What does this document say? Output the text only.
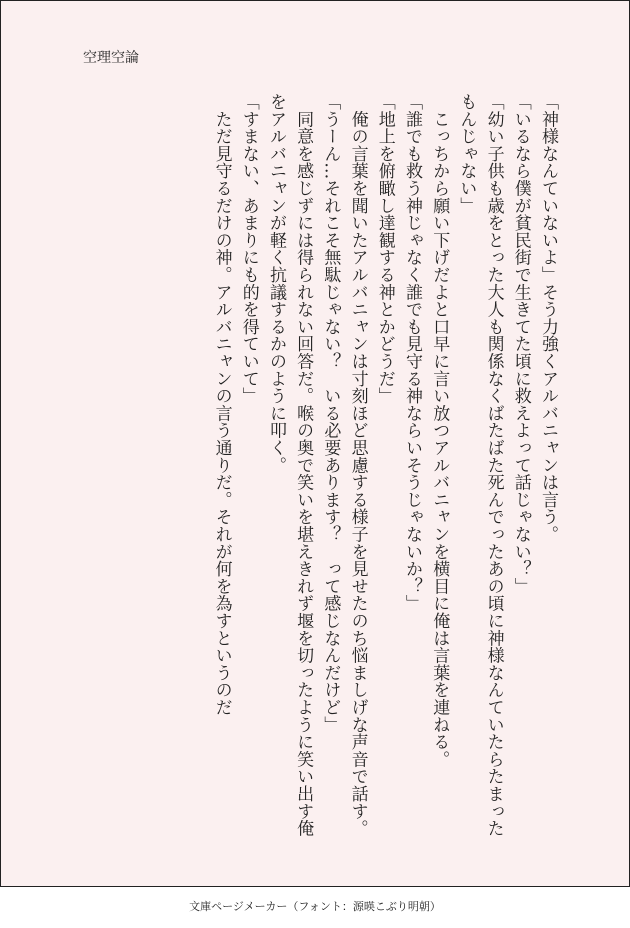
空理空論

「神様なんていないよ」そう力強くアルバニャンは言う。

「いるなら僕が貧民街で生きてた頃に救えよって話じゃない？」

「幼い子供も歳をとった大人も関係なくばたばた死んでったあの頃に神様なんていたらたまったもんじゃない」

　こっちから願い下げだよと口早に言い放つアルバニャンを横目に俺は言葉を連ねる。

「誰でも救う神じゃなく誰でも見守る神ならいそうじゃないか？」

「地上を俯瞰し達観する神とかどうだ」

　俺の言葉を聞いたアルバニャンは寸刻ほど思慮する様子を見せたのち悩ましげな声音で話す。

「うーん…それこそ無駄じゃない？　いる必要あります？　って感じなんだけど」

　同意を感じずには得られない回答だ。喉の奥で笑いを堪えきれず堰を切ったように笑い出す俺をアルバニャンが軽く抗議するかのように叩く。

「すまない、あまりにも的を得ていて」

　ただ見守るだけの神。アルバニャンの言う通りだ。それが何を為すというのだ

文庫ページメーカー（フォント：源暎こぶり明朝）
